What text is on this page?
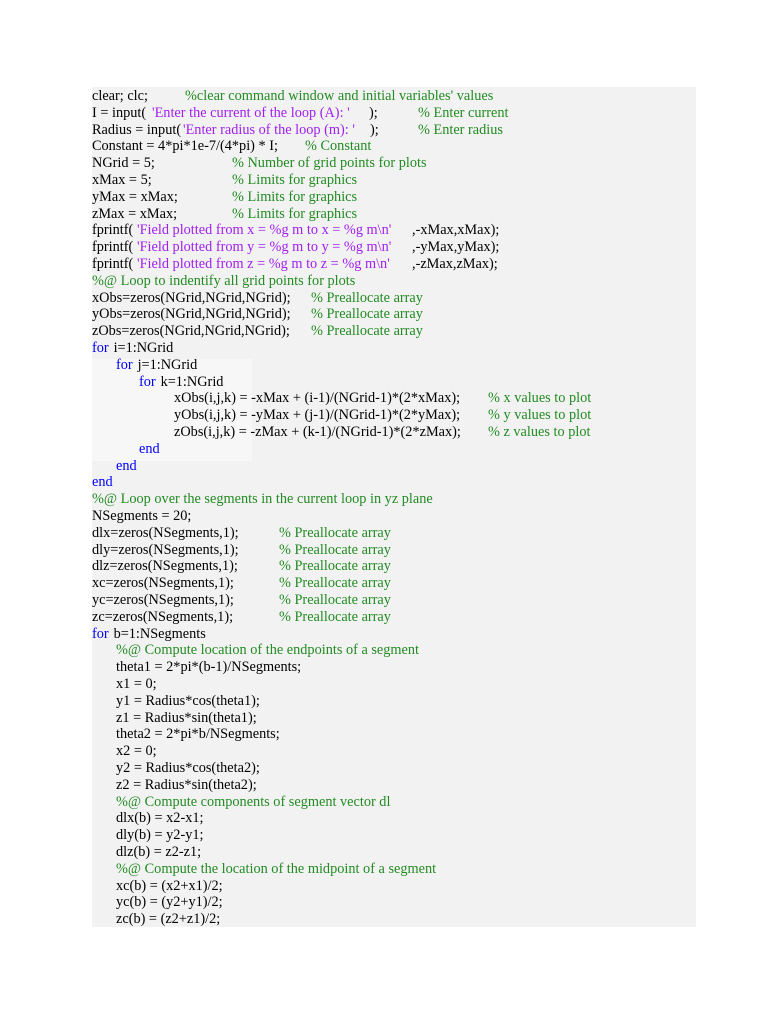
clear; clc;	%clear command window and initial variables' values
I = input( 'Enter the current of the loop (A): ' );	% Enter current
Radius = input( 'Enter radius of the loop (m): ' );	% Enter radius
Constant = 4*pi*1e-7/(4*pi) * I; % Constant
NGrid = 5;	% Number of grid points for plots
xMax = 5;	% Limits for graphics
yMax = xMax;	% Limits for graphics
zMax = xMax;	% Limits for graphics
fprintf( 'Field plotted from x = %g m to x = %g m\n' ,-xMax,xMax);
fprintf( 'Field plotted from y = %g m to y = %g m\n' ,-yMax,yMax);
fprintf( 'Field plotted from z = %g m to z = %g m\n' ,-zMax,zMax);
%@ Loop to indentify all grid points for plots
xObs=zeros(NGrid,NGrid,NGrid); % Preallocate array
yObs=zeros(NGrid,NGrid,NGrid); % Preallocate array
zObs=zeros(NGrid,NGrid,NGrid); % Preallocate array
for i=1:NGrid
for j=1:NGrid
for k=1:NGrid
xObs(i,j,k) = -xMax + (i-1)/(NGrid-1)*(2*xMax); % x values to plot
yObs(i,j,k) = -yMax + (j-1)/(NGrid-1)*(2*yMax); % y values to plot
zObs(i,j,k) = -zMax + (k-1)/(NGrid-1)*(2*zMax); % z values to plot
end
end
end
%@ Loop over the segments in the current loop in yz plane
NSegments = 20;
dlx=zeros(NSegments,1);	% Preallocate array
dly=zeros(NSegments,1);	% Preallocate array
dlz=zeros(NSegments,1);	% Preallocate array
xc=zeros(NSegments,1);	% Preallocate array
yc=zeros(NSegments,1);	% Preallocate array
zc=zeros(NSegments,1);	% Preallocate array
for b=1:NSegments
%@ Compute location of the endpoints of a segment
theta1 = 2*pi*(b-1)/NSegments;
x1 = 0;
y1 = Radius*cos(theta1);
z1 = Radius*sin(theta1);
theta2 = 2*pi*b/NSegments;
x2 = 0;
y2 = Radius*cos(theta2);
z2 = Radius*sin(theta2);
%@ Compute components of segment vector dl
dlx(b) = x2-x1;
dly(b) = y2-y1;
dlz(b) = z2-z1;
%@ Compute the location of the midpoint of a segment
xc(b) = (x2+x1)/2;
yc(b) = (y2+y1)/2;
zc(b) = (z2+z1)/2;
